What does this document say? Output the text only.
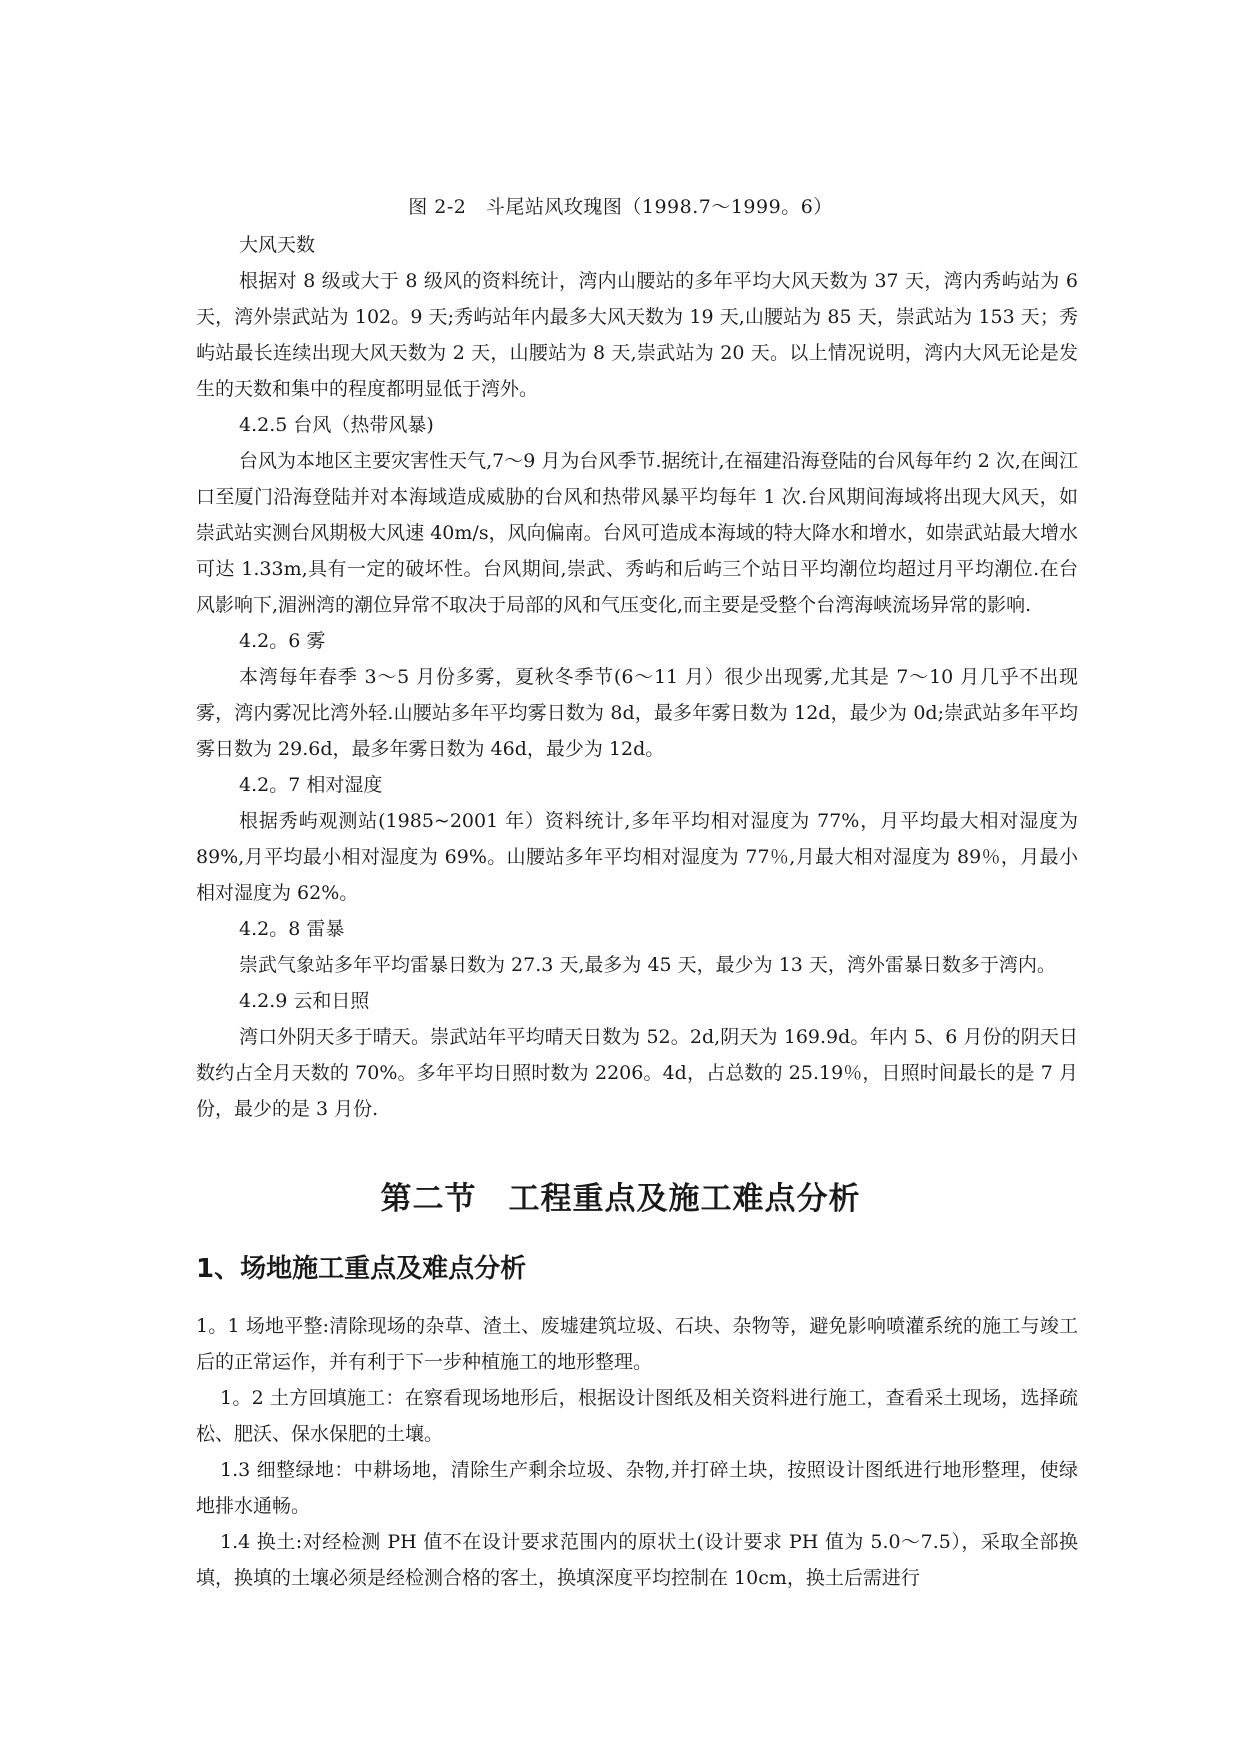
图 2-2　斗尾站风玫瑰图（1998.7～1999。6）

大风天数

根据对 8 级或大于 8 级风的资料统计，湾内山腰站的多年平均大风天数为 37 天，湾内秀屿站为 6 天，湾外崇武站为 102。9 天;秀屿站年内最多大风天数为 19 天,山腰站为 85 天，崇武站为 153 天；秀屿站最长连续出现大风天数为 2 天，山腰站为 8 天,崇武站为 20 天。以上情况说明，湾内大风无论是发生的天数和集中的程度都明显低于湾外。

4.2.5 台风（热带风暴)

台风为本地区主要灾害性天气,7～9 月为台风季节.据统计,在福建沿海登陆的台风每年约 2 次,在闽江口至厦门沿海登陆并对本海域造成威胁的台风和热带风暴平均每年 1 次.台风期间海域将出现大风天，如崇武站实测台风期极大风速 40m/s，风向偏南。台风可造成本海域的特大降水和增水，如崇武站最大增水可达 1.33m,具有一定的破坏性。台风期间,崇武、秀屿和后屿三个站日平均潮位均超过月平均潮位.在台风影响下,湄洲湾的潮位异常不取决于局部的风和气压变化,而主要是受整个台湾海峡流场异常的影响.

4.2。6 雾

本湾每年春季 3～5 月份多雾，夏秋冬季节(6～11 月）很少出现雾,尤其是 7～10 月几乎不出现雾，湾内雾况比湾外轻.山腰站多年平均雾日数为 8d，最多年雾日数为 12d，最少为 0d;崇武站多年平均雾日数为 29.6d，最多年雾日数为 46d，最少为 12d。

4.2。7 相对湿度

根据秀屿观测站(1985~2001 年）资料统计,多年平均相对湿度为 77%，月平均最大相对湿度为 89%,月平均最小相对湿度为 69%。山腰站多年平均相对湿度为 77％,月最大相对湿度为 89％，月最小相对湿度为 62%。

4.2。8 雷暴

崇武气象站多年平均雷暴日数为 27.3 天,最多为 45 天，最少为 13 天，湾外雷暴日数多于湾内。

4.2.9 云和日照

湾口外阴天多于晴天。崇武站年平均晴天日数为 52。2d,阴天为 169.9d。年内 5、6 月份的阴天日数约占全月天数的 70%。多年平均日照时数为 2206。4d，占总数的 25.19％，日照时间最长的是 7 月份，最少的是 3 月份.

第二节　工程重点及施工难点分析
1、场地施工重点及难点分析

1。1 场地平整:清除现场的杂草、渣土、废墟建筑垃圾、石块、杂物等，避免影响喷灌系统的施工与竣工后的正常运作，并有利于下一步种植施工的地形整理。

1。2 土方回填施工：在察看现场地形后，根据设计图纸及相关资料进行施工，查看采土现场，选择疏松、肥沃、保水保肥的土壤。

1.3 细整绿地：中耕场地，清除生产剩余垃圾、杂物,并打碎土块，按照设计图纸进行地形整理，使绿地排水通畅。

1.4 换土:对经检测 PH 值不在设计要求范围内的原状土(设计要求 PH 值为 5.0～7.5），采取全部换填，换填的土壤必须是经检测合格的客土，换填深度平均控制在 10cm，换土后需进行
